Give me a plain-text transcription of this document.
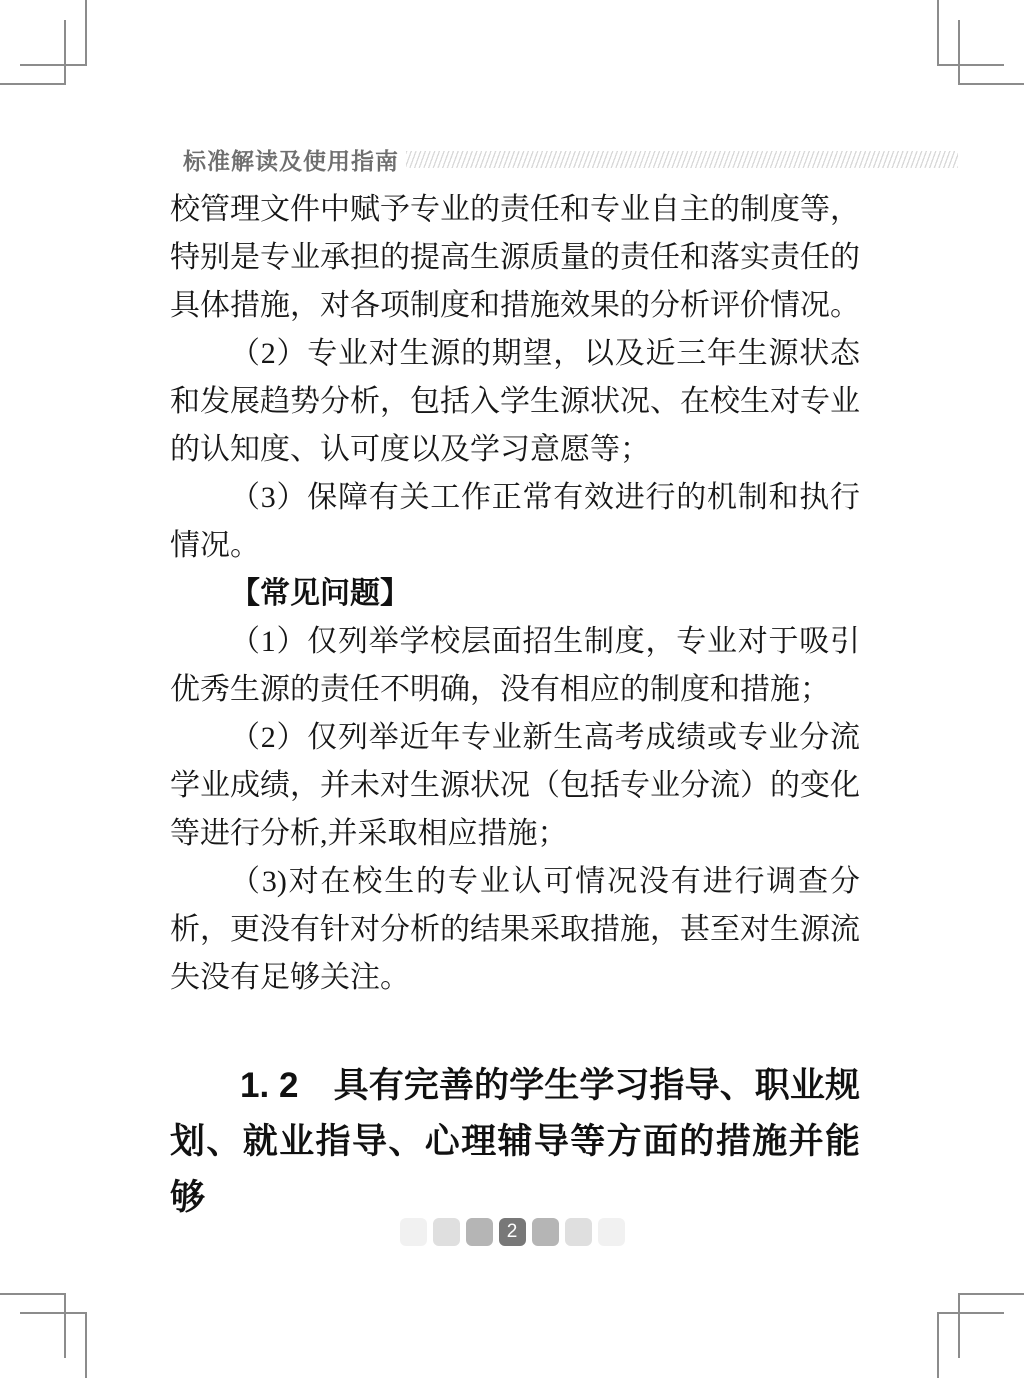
标准解读及使用指南
校管理文件中赋予专业的责任和专业自主的制度等，特别是专业承担的提高生源质量的责任和落实责任的具体措施，对各项制度和措施效果的分析评价情况。
（2）专业对生源的期望，以及近三年生源状态和发展趋势分析，包括入学生源状况、在校生对专业的认知度、认可度以及学习意愿等；
（3）保障有关工作正常有效进行的机制和执行情况。
【常见问题】
（1）仅列举学校层面招生制度，专业对于吸引优秀生源的责任不明确，没有相应的制度和措施；
（2）仅列举近年专业新生高考成绩或专业分流学业成绩，并未对生源状况（包括专业分流）的变化等进行分析,并采取相应措施；
（3)对在校生的专业认可情况没有进行调查分析，更没有针对分析的结果采取措施，甚至对生源流失没有足够关注。
1. 2　具有完善的学生学习指导、职业规
划、就业指导、心理辅导等方面的措施并能够
2
